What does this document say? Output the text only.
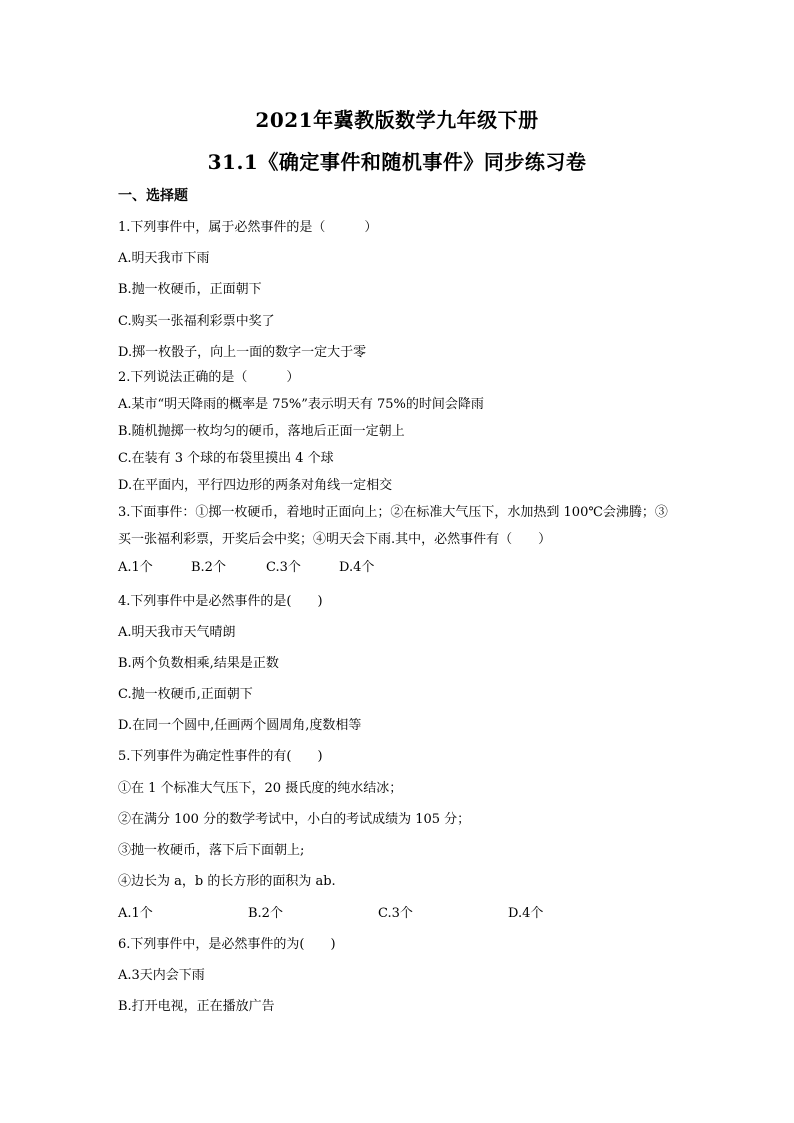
2021年冀教版数学九年级下册
31.1《确定事件和随机事件》同步练习卷
一、选择题
1.下列事件中，属于必然事件的是（　　　）
A.明天我市下雨
B.抛一枚硬币，正面朝下
C.购买一张福利彩票中奖了
D.掷一枚骰子，向上一面的数字一定大于零
2.下列说法正确的是（　　　）
A.某市“明天降雨的概率是 75%”表示明天有 75%的时间会降雨
B.随机抛掷一枚均匀的硬币，落地后正面一定朝上
C.在装有 3 个球的布袋里摸出 4 个球
D.在平面内，平行四边形的两条对角线一定相交
3.下面事件：①掷一枚硬币，着地时正面向上；②在标准大气压下，水加热到 100℃会沸腾；③
买一张福利彩票，开奖后会中奖；④明天会下雨.其中，必然事件有（　　）
A.1个	B.2个	C.3个	D.4个
4.下列事件中是必然事件的是(　　)
A.明天我市天气晴朗
B.两个负数相乘,结果是正数
C.抛一枚硬币,正面朝下
D.在同一个圆中,任画两个圆周角,度数相等
5.下列事件为确定性事件的有(　　)
①在 1 个标准大气压下，20 摄氏度的纯水结冰；
②在满分 100 分的数学考试中，小白的考试成绩为 105 分；
③抛一枚硬币，落下后下面朝上;
④边长为 a，b 的长方形的面积为 ab.
A.1个	B.2个	C.3个	D.4个
6.下列事件中，是必然事件的为(　　)
A.3天内会下雨
B.打开电视，正在播放广告
